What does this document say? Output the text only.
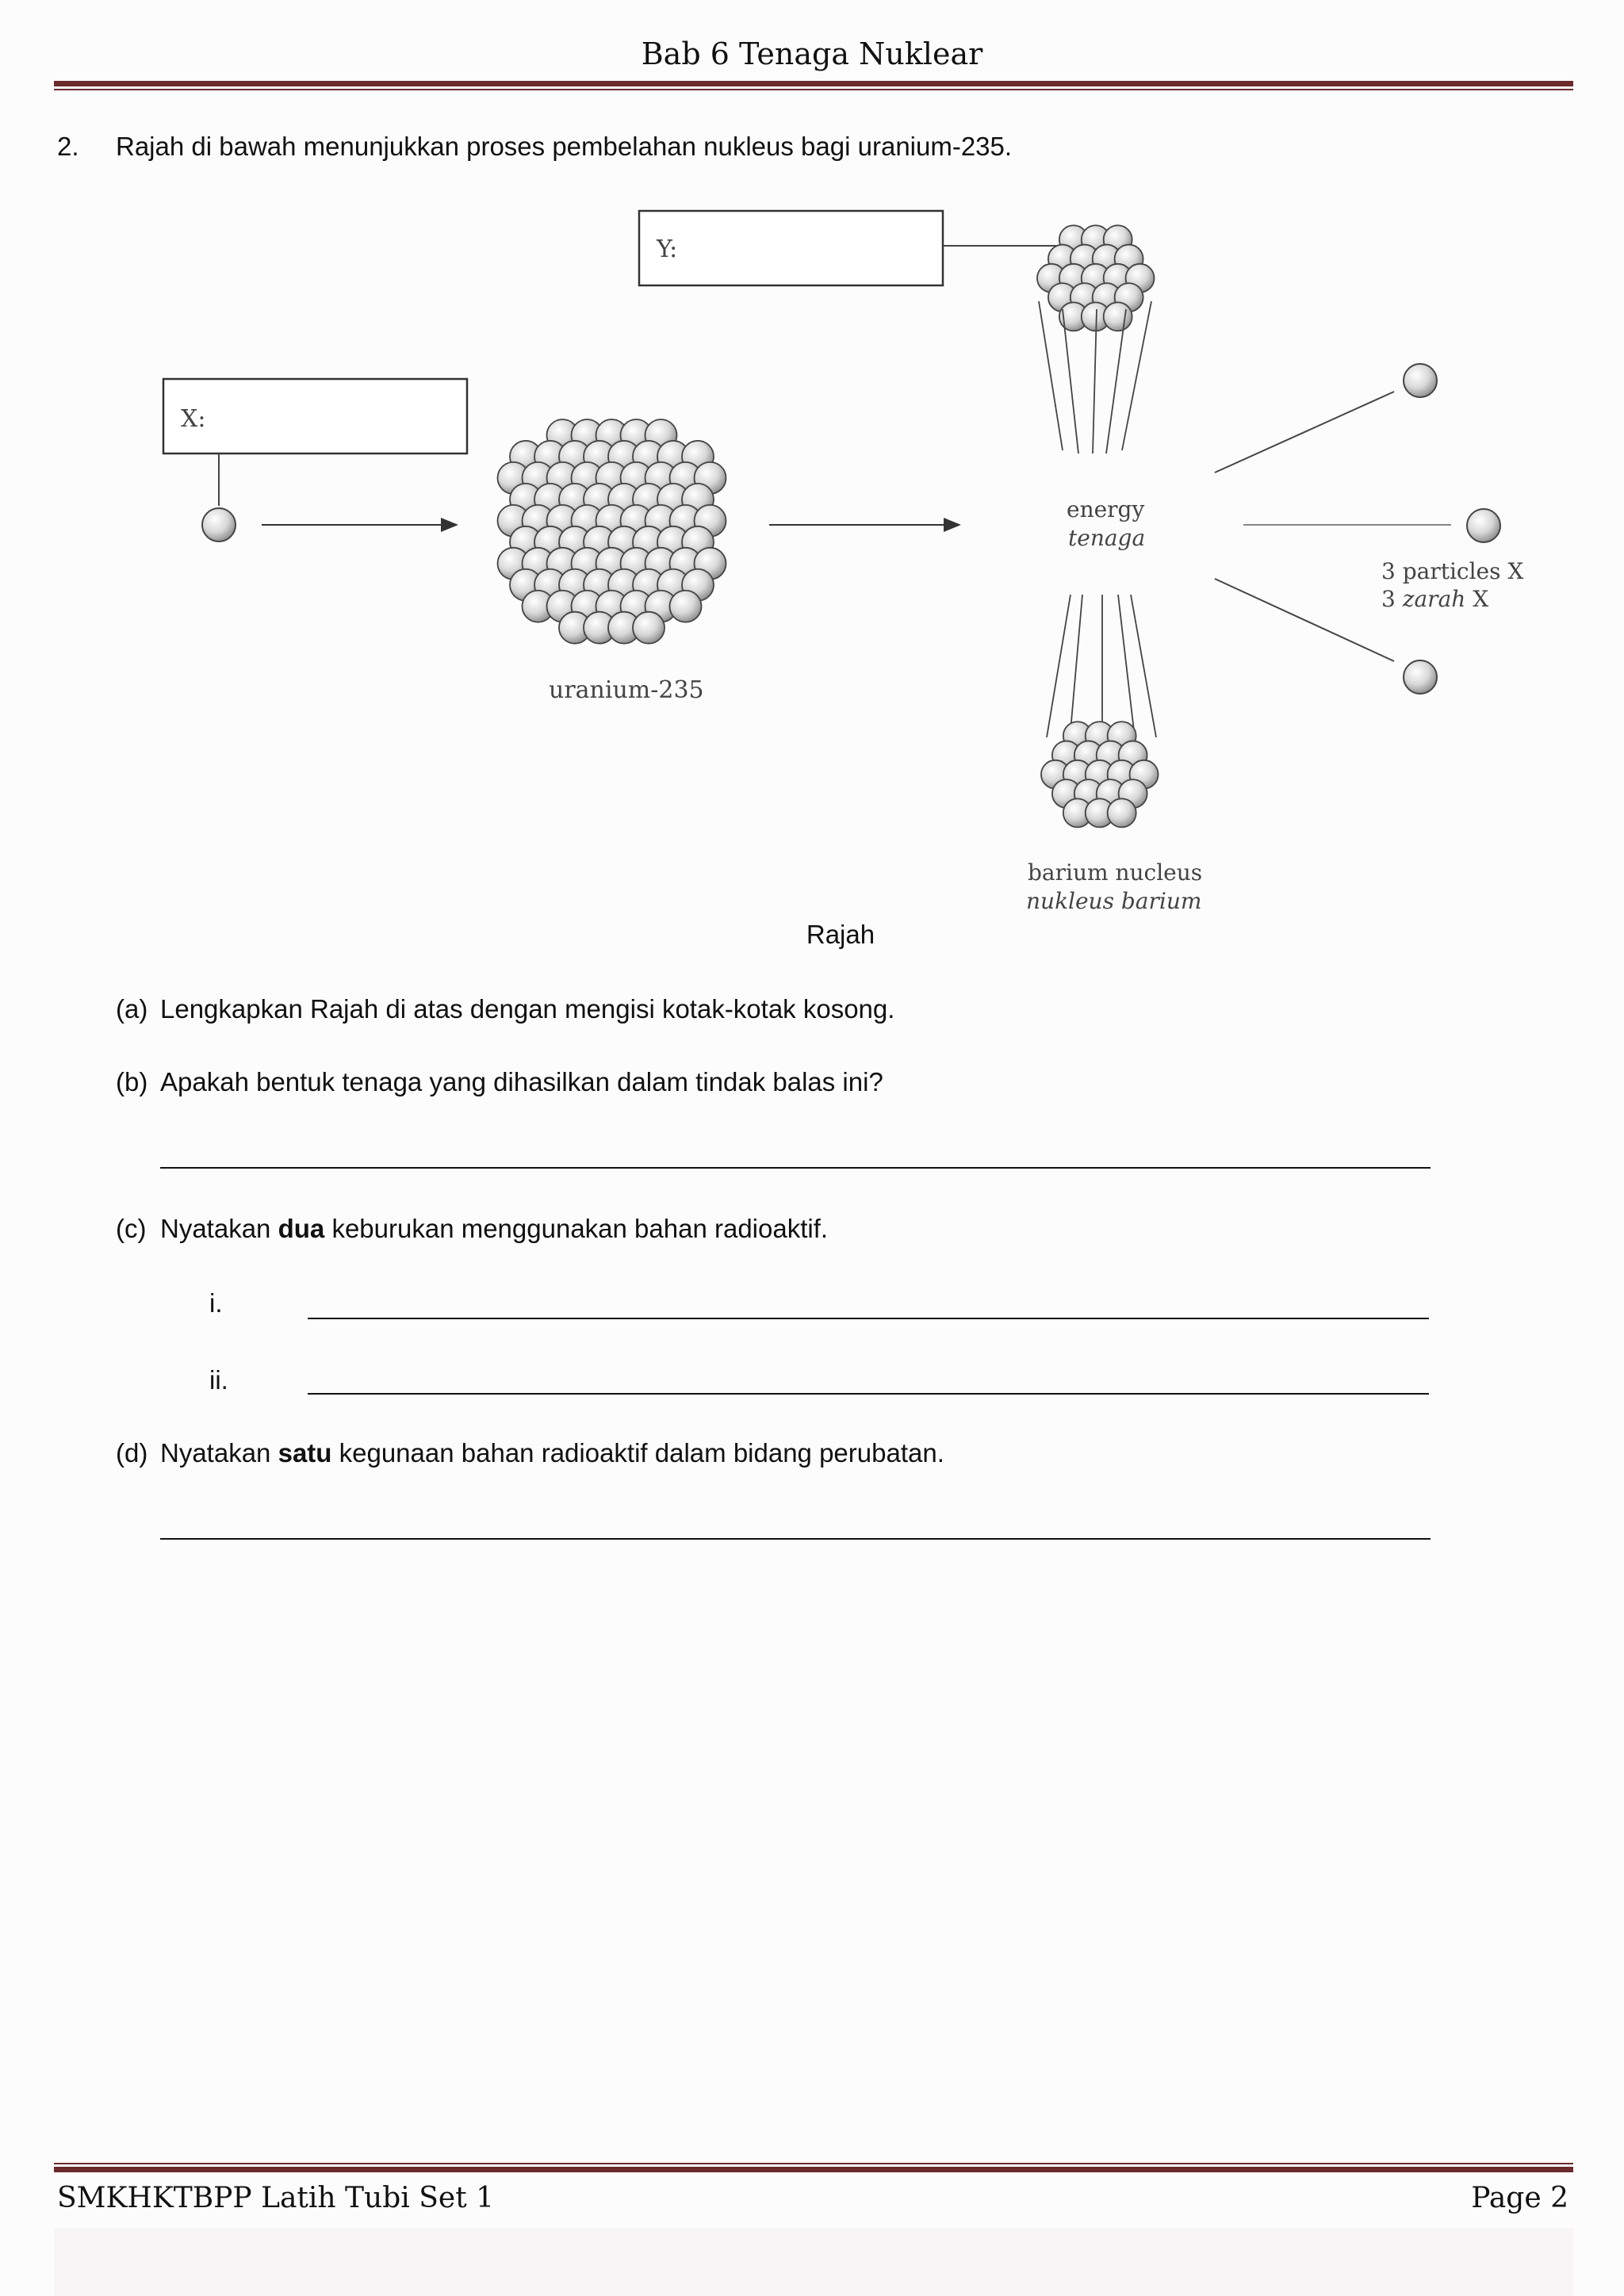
Bab 6 Tenaga Nuklear
2. Rajah di bawah menunjukkan proses pembelahan nukleus bagi uranium-235.
Y:
X:
uranium-235
energy
tenaga
barium nucleus
nukleus barium
3 particles X
3 zarah X
Rajah
(a) Lengkapkan Rajah di atas dengan mengisi kotak-kotak kosong.
(b) Apakah bentuk tenaga yang dihasilkan dalam tindak balas ini?
(c) Nyatakan dua keburukan menggunakan bahan radioaktif.
i.
ii.
(d) Nyatakan satu kegunaan bahan radioaktif dalam bidang perubatan.
SMKHKTBPP Latih Tubi Set 1	Page 2
